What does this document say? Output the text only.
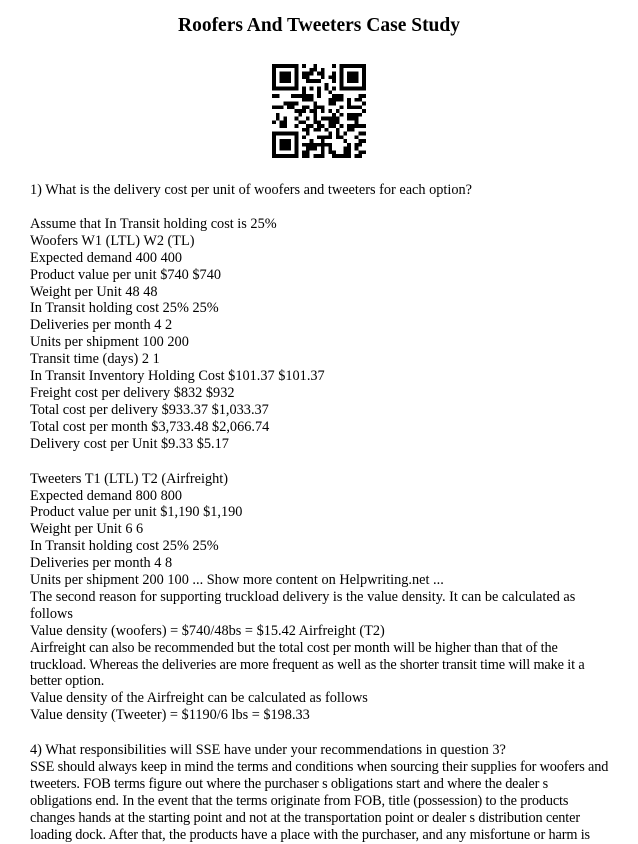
Roofers And Tweeters Case Study

1) What is the delivery cost per unit of woofers and tweeters for each option?

Assume that In Transit holding cost is 25%

Woofers W1 (LTL) W2 (TL)

Expected demand 400 400

Product value per unit $740 $740

Weight per Unit 48 48

In Transit holding cost 25% 25%

Deliveries per month 4 2

Units per shipment 100 200

Transit time (days) 2 1

In Transit Inventory Holding Cost $101.37 $101.37

Freight cost per delivery $832 $932

Total cost per delivery $933.37 $1,033.37

Total cost per month $3,733.48 $2,066.74

Delivery cost per Unit $9.33 $5.17

Tweeters T1 (LTL) T2 (Airfreight)

Expected demand 800 800

Product value per unit $1,190 $1,190

Weight per Unit 6 6

In Transit holding cost 25% 25%

Deliveries per month 4 8

Units per shipment 200 100 ... Show more content on Helpwriting.net ...

The second reason for supporting truckload delivery is the value density. It can be calculated as follows

Value density (woofers) = $740/48bs = $15.42 Airfreight (T2)

Airfreight can also be recommended but the total cost per month will be higher than that of the truckload. Whereas the deliveries are more frequent as well as the shorter transit time will make it a better option.

Value density of the Airfreight can be calculated as follows

Value density (Tweeter) = $1190/6 lbs = $198.33

4) What responsibilities will SSE have under your recommendations in question 3?

SSE should always keep in mind the terms and conditions when sourcing their supplies for woofers and tweeters. FOB terms figure out where the purchaser s obligations start and where the dealer s obligations end. In the event that the terms originate from FOB, title (possession) to the products changes hands at the starting point and not at the transportation point or dealer s distribution center loading dock. After that, the products have a place with the purchaser, and any misfortune or harm is
